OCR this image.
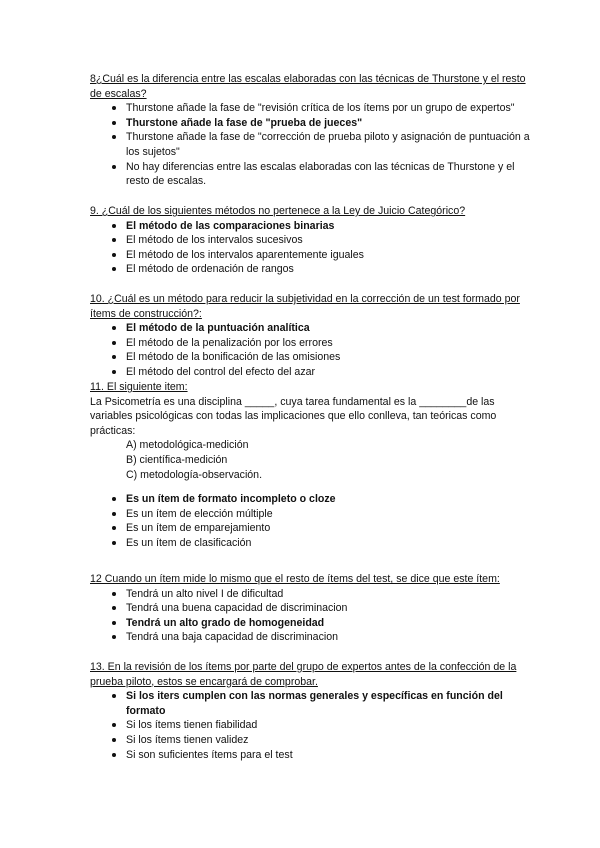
8¿Cuál es la diferencia entre las escalas elaboradas con las técnicas de Thurstone y el resto de escalas?
Thurstone añade la fase de "revisión crítica de los ítems por un grupo de expertos"
Thurstone añade la fase de "prueba de jueces"
Thurstone añade la fase de "corrección de prueba piloto y asignación de puntuación a los sujetos"
No hay diferencias entre las escalas elaboradas con las técnicas de Thurstone y el resto de escalas.
9. ¿Cuál de los siguientes métodos no pertenece a la Ley de Juicio Categórico?
El método de las comparaciones binarias
El método de los intervalos sucesivos
El método de los intervalos aparentemente iguales
El método de ordenación de rangos
10. ¿Cuál es un método para reducir la subjetividad en la corrección de un test formado por ítems de construcción?:
El método de la puntuación analítica
El método de la penalización por los errores
El método de la bonificación de las omisiones
El método del control del efecto del azar
11. El siguiente item:
La Psicometría es una disciplina _____, cuya tarea fundamental es la ________de las variables psicológicas con todas las implicaciones que ello conlleva, tan teóricas como prácticas:
A) metodológica-medición
B) científica-medición
C) metodología-observación.
Es un ítem de formato incompleto o cloze
Es un ítem de elección múltiple
Es un ítem de emparejamiento
Es un ítem de clasificación
12 Cuando un ítem mide lo mismo que el resto de ítems del test, se dice que este ítem:
Tendrá un alto nivel I de dificultad
Tendrá una buena capacidad de discriminacion
Tendrá un alto grado de homogeneidad
Tendrá una baja capacidad de discriminacion
13. En la revisión de los ítems por parte del grupo de expertos antes de la confección de la prueba piloto, estos se encargará de comprobar.
Si los iters cumplen con las normas generales y específicas en función del formato
Si los ítems tienen fiabilidad
Si los ítems tienen validez
Si son suficientes ítems para el test
